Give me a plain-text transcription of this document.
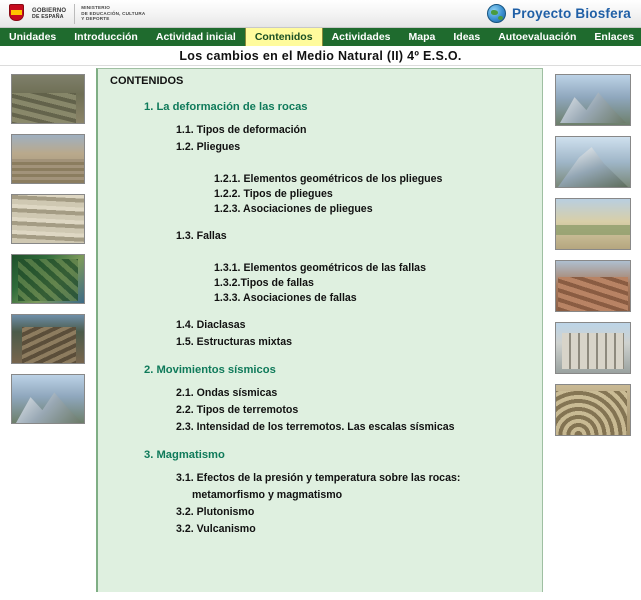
GOBIERNO
DE ESPAÑA
MINISTERIO
DE EDUCACIÓN, CULTURA
Y DEPORTE	Proyecto Biosfera
Unidades	Introducción	Actividad inicial	Contenidos	Actividades	Mapa	Ideas	Autoevaluación	Enlaces
Los cambios en el Medio Natural (II) 4º E.S.O.
CONTENIDOS
1. La deformación de las rocas
1.1. Tipos de deformación
1.2. Pliegues
1.2.1. Elementos geométricos de los pliegues
1.2.2. Tipos de pliegues
1.2.3. Asociaciones de pliegues
1.3. Fallas
1.3.1. Elementos geométricos de las fallas
1.3.2.Tipos de fallas
1.3.3. Asociaciones de fallas
1.4. Diaclasas
1.5. Estructuras mixtas
2. Movimientos sísmicos
2.1. Ondas sísmicas
2.2. Tipos de terremotos
2.3. Intensidad de los terremotos. Las escalas sísmicas
3. Magmatismo
3.1. Efectos de la presión y temperatura sobre las rocas:
metamorfismo y magmatismo
3.2. Plutonismo
3.2. Vulcanismo
